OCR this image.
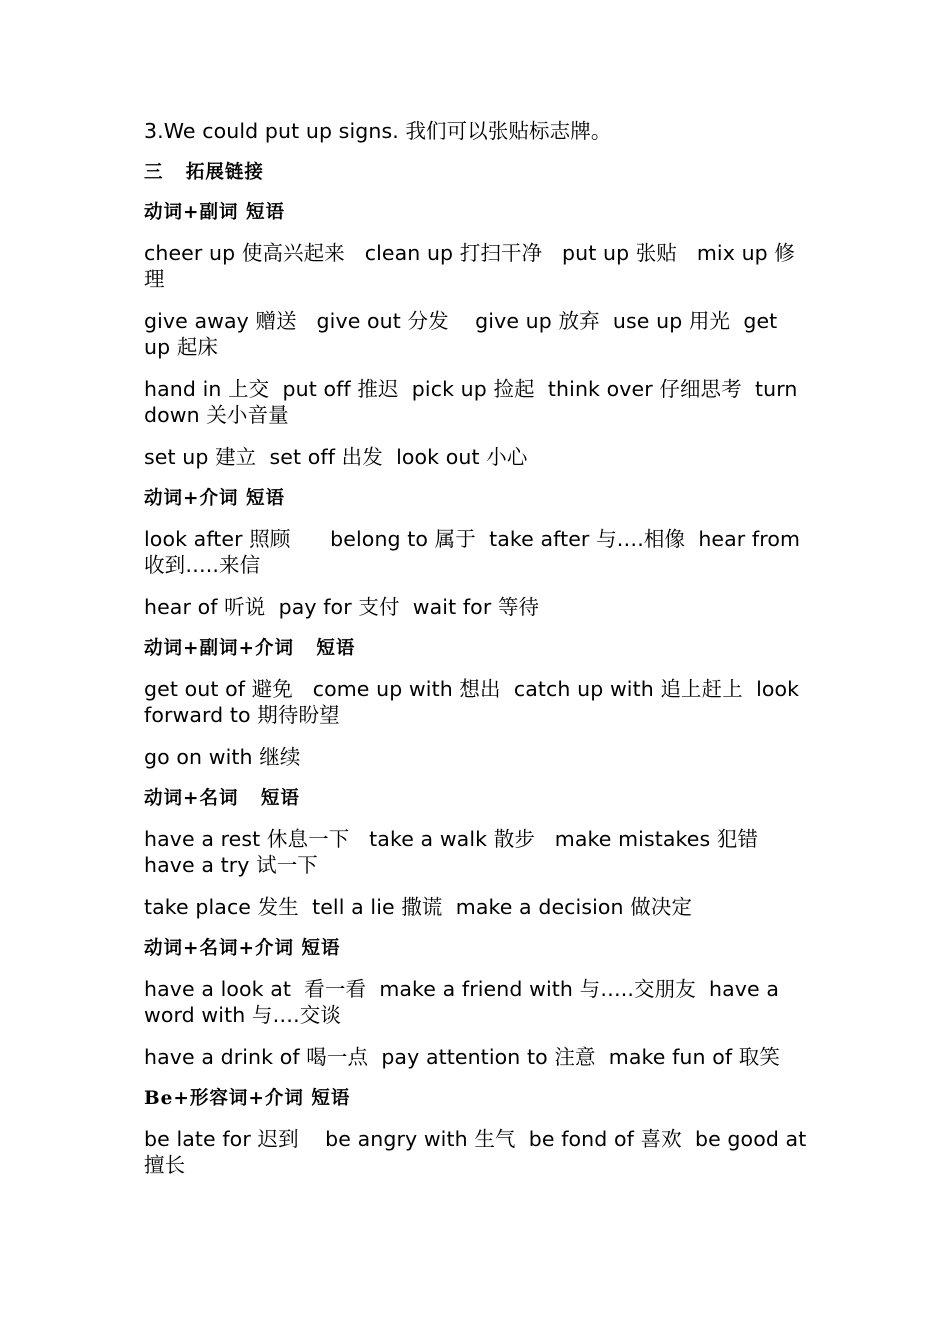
3.We could put up signs. 我们可以张贴标志牌。
三   拓展链接
动词+副词 短语
cheer up 使高兴起来   clean up 打扫干净   put up 张贴   mix up 修理
give away 赠送   give out 分发    give up 放弃  use up 用光  get up 起床
hand in 上交  put off 推迟  pick up 捡起  think over 仔细思考  turn down 关小音量
set up 建立  set off 出发  look out 小心
动词+介词 短语
look after 照顾      belong to 属于  take after 与….相像  hear from 收到…..来信
hear of 听说  pay for 支付  wait for 等待
动词+副词+介词   短语
get out of 避免   come up with 想出  catch up with 追上赶上  look forward to 期待盼望
go on with 继续
动词+名词   短语
have a rest 休息一下   take a walk 散步   make mistakes 犯错  have a try 试一下
take place 发生  tell a lie 撒谎  make a decision 做决定
动词+名词+介词 短语
have a look at  看一看  make a friend with 与…..交朋友  have a word with 与….交谈
have a drink of 喝一点  pay attention to 注意  make fun of 取笑
Be+形容词+介词 短语
be late for 迟到    be angry with 生气  be fond of 喜欢  be good at 擅长
